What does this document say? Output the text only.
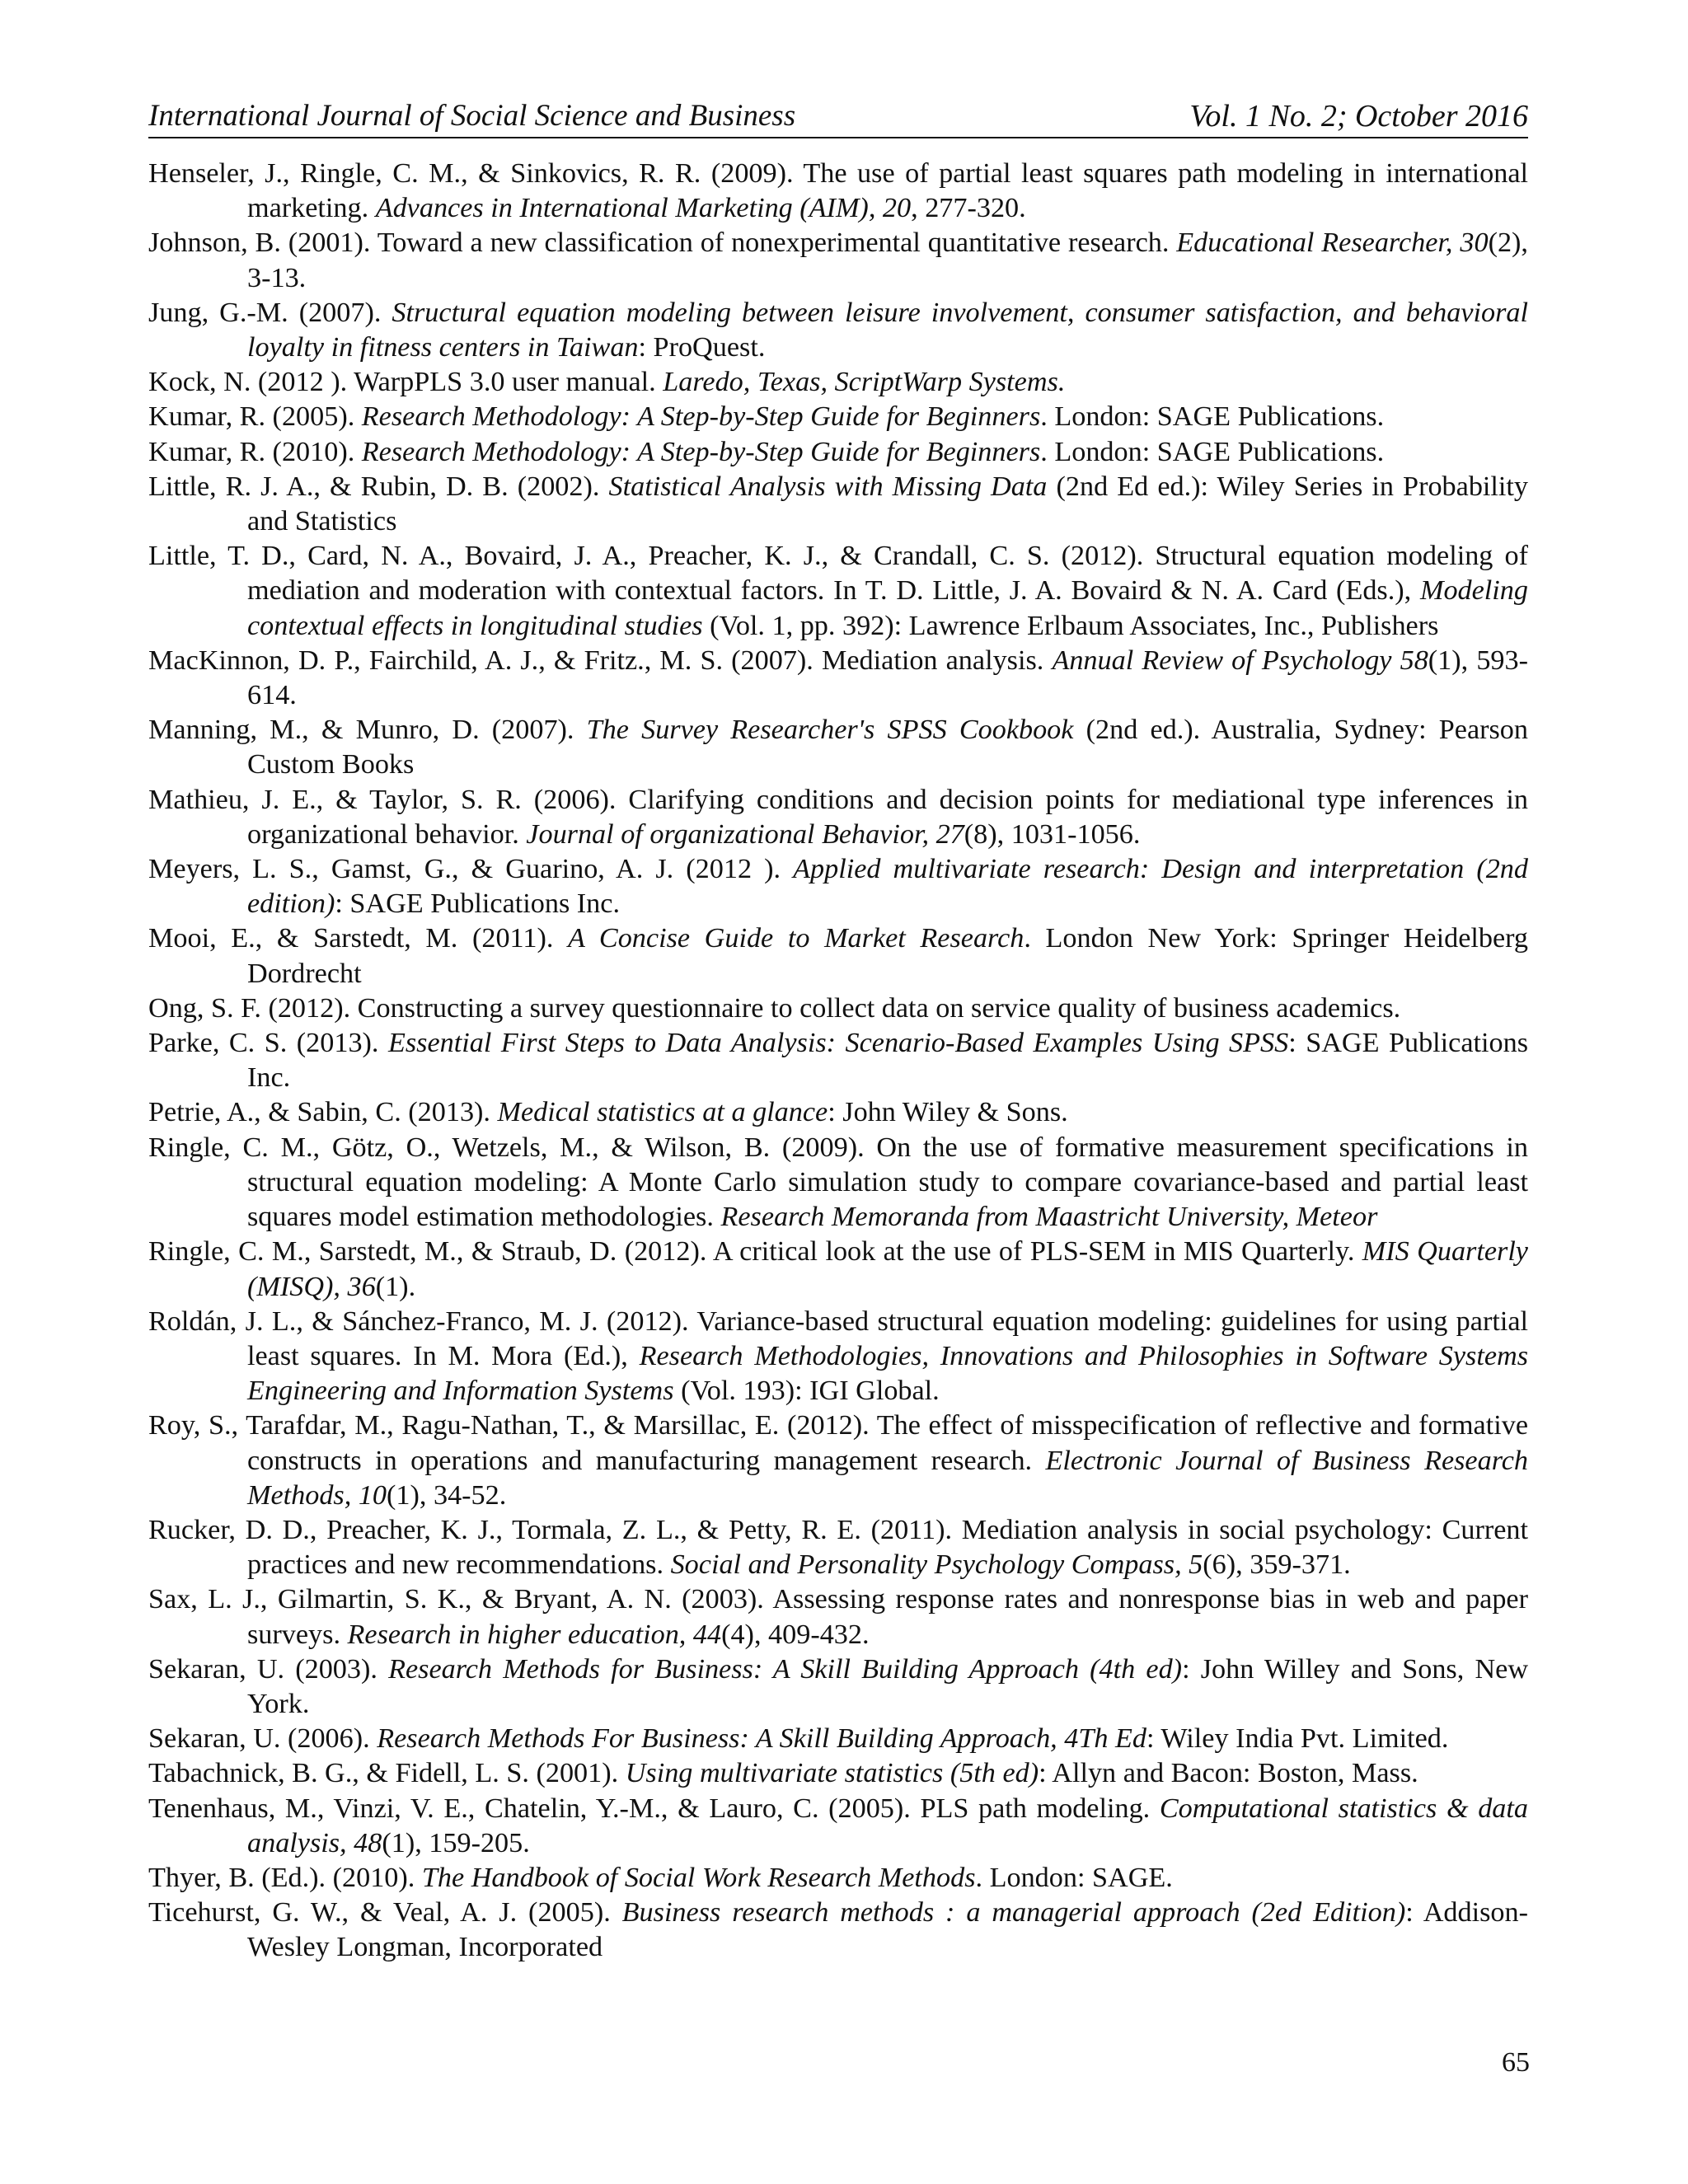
International Journal of Social Science and Business	Vol. 1 No. 2; October 2016

Henseler, J., Ringle, C. M., & Sinkovics, R. R. (2009). The use of partial least squares path modeling in international marketing. Advances in International Marketing (AIM), 20, 277-320.

Johnson, B. (2001). Toward a new classification of nonexperimental quantitative research. Educational Researcher, 30(2), 3-13.

Jung, G.-M. (2007). Structural equation modeling between leisure involvement, consumer satisfaction, and behavioral loyalty in fitness centers in Taiwan: ProQuest.

Kock, N. (2012 ). WarpPLS 3.0 user manual. Laredo, Texas, ScriptWarp Systems.

Kumar, R. (2005). Research Methodology: A Step-by-Step Guide for Beginners. London: SAGE Publications.

Kumar, R. (2010). Research Methodology: A Step-by-Step Guide for Beginners. London: SAGE Publications.

Little, R. J. A., & Rubin, D. B. (2002). Statistical Analysis with Missing Data (2nd Ed ed.): Wiley Series in Probability and Statistics

Little, T. D., Card, N. A., Bovaird, J. A., Preacher, K. J., & Crandall, C. S. (2012). Structural equation modeling of mediation and moderation with contextual factors. In T. D. Little, J. A. Bovaird & N. A. Card (Eds.), Modeling contextual effects in longitudinal studies (Vol. 1, pp. 392): Lawrence Erlbaum Associates, Inc., Publishers

MacKinnon, D. P., Fairchild, A. J., & Fritz., M. S. (2007). Mediation analysis. Annual Review of Psychology 58(1), 593-614.

Manning, M., & Munro, D. (2007). The Survey Researcher's SPSS Cookbook (2nd ed.). Australia, Sydney: Pearson Custom Books

Mathieu, J. E., & Taylor, S. R. (2006). Clarifying conditions and decision points for mediational type inferences in organizational behavior. Journal of organizational Behavior, 27(8), 1031-1056.

Meyers, L. S., Gamst, G., & Guarino, A. J. (2012 ). Applied multivariate research: Design and interpretation (2nd edition): SAGE Publications Inc.

Mooi, E., & Sarstedt, M. (2011). A Concise Guide to Market Research. London New York: Springer Heidelberg Dordrecht

Ong, S. F. (2012). Constructing a survey questionnaire to collect data on service quality of business academics.

Parke, C. S. (2013). Essential First Steps to Data Analysis: Scenario-Based Examples Using SPSS: SAGE Publications Inc.

Petrie, A., & Sabin, C. (2013). Medical statistics at a glance: John Wiley & Sons.

Ringle, C. M., Götz, O., Wetzels, M., & Wilson, B. (2009). On the use of formative measurement specifications in structural equation modeling: A Monte Carlo simulation study to compare covariance-based and partial least squares model estimation methodologies. Research Memoranda from Maastricht University, Meteor

Ringle, C. M., Sarstedt, M., & Straub, D. (2012). A critical look at the use of PLS-SEM in MIS Quarterly. MIS Quarterly (MISQ), 36(1).

Roldán, J. L., & Sánchez-Franco, M. J. (2012). Variance-based structural equation modeling: guidelines for using partial least squares. In M. Mora (Ed.), Research Methodologies, Innovations and Philosophies in Software Systems Engineering and Information Systems (Vol. 193): IGI Global.

Roy, S., Tarafdar, M., Ragu-Nathan, T., & Marsillac, E. (2012). The effect of misspecification of reflective and formative constructs in operations and manufacturing management research. Electronic Journal of Business Research Methods, 10(1), 34-52.

Rucker, D. D., Preacher, K. J., Tormala, Z. L., & Petty, R. E. (2011). Mediation analysis in social psychology: Current practices and new recommendations. Social and Personality Psychology Compass, 5(6), 359-371.

Sax, L. J., Gilmartin, S. K., & Bryant, A. N. (2003). Assessing response rates and nonresponse bias in web and paper surveys. Research in higher education, 44(4), 409-432.

Sekaran, U. (2003). Research Methods for Business: A Skill Building Approach (4th ed): John Willey and Sons, New York.

Sekaran, U. (2006). Research Methods For Business: A Skill Building Approach, 4Th Ed: Wiley India Pvt. Limited.

Tabachnick, B. G., & Fidell, L. S. (2001). Using multivariate statistics (5th ed): Allyn and Bacon: Boston, Mass.

Tenenhaus, M., Vinzi, V. E., Chatelin, Y.-M., & Lauro, C. (2005). PLS path modeling. Computational statistics & data analysis, 48(1), 159-205.

Thyer, B. (Ed.). (2010). The Handbook of Social Work Research Methods. London: SAGE.

Ticehurst, G. W., & Veal, A. J. (2005). Business research methods : a managerial approach (2ed Edition): Addison-Wesley Longman, Incorporated

65
